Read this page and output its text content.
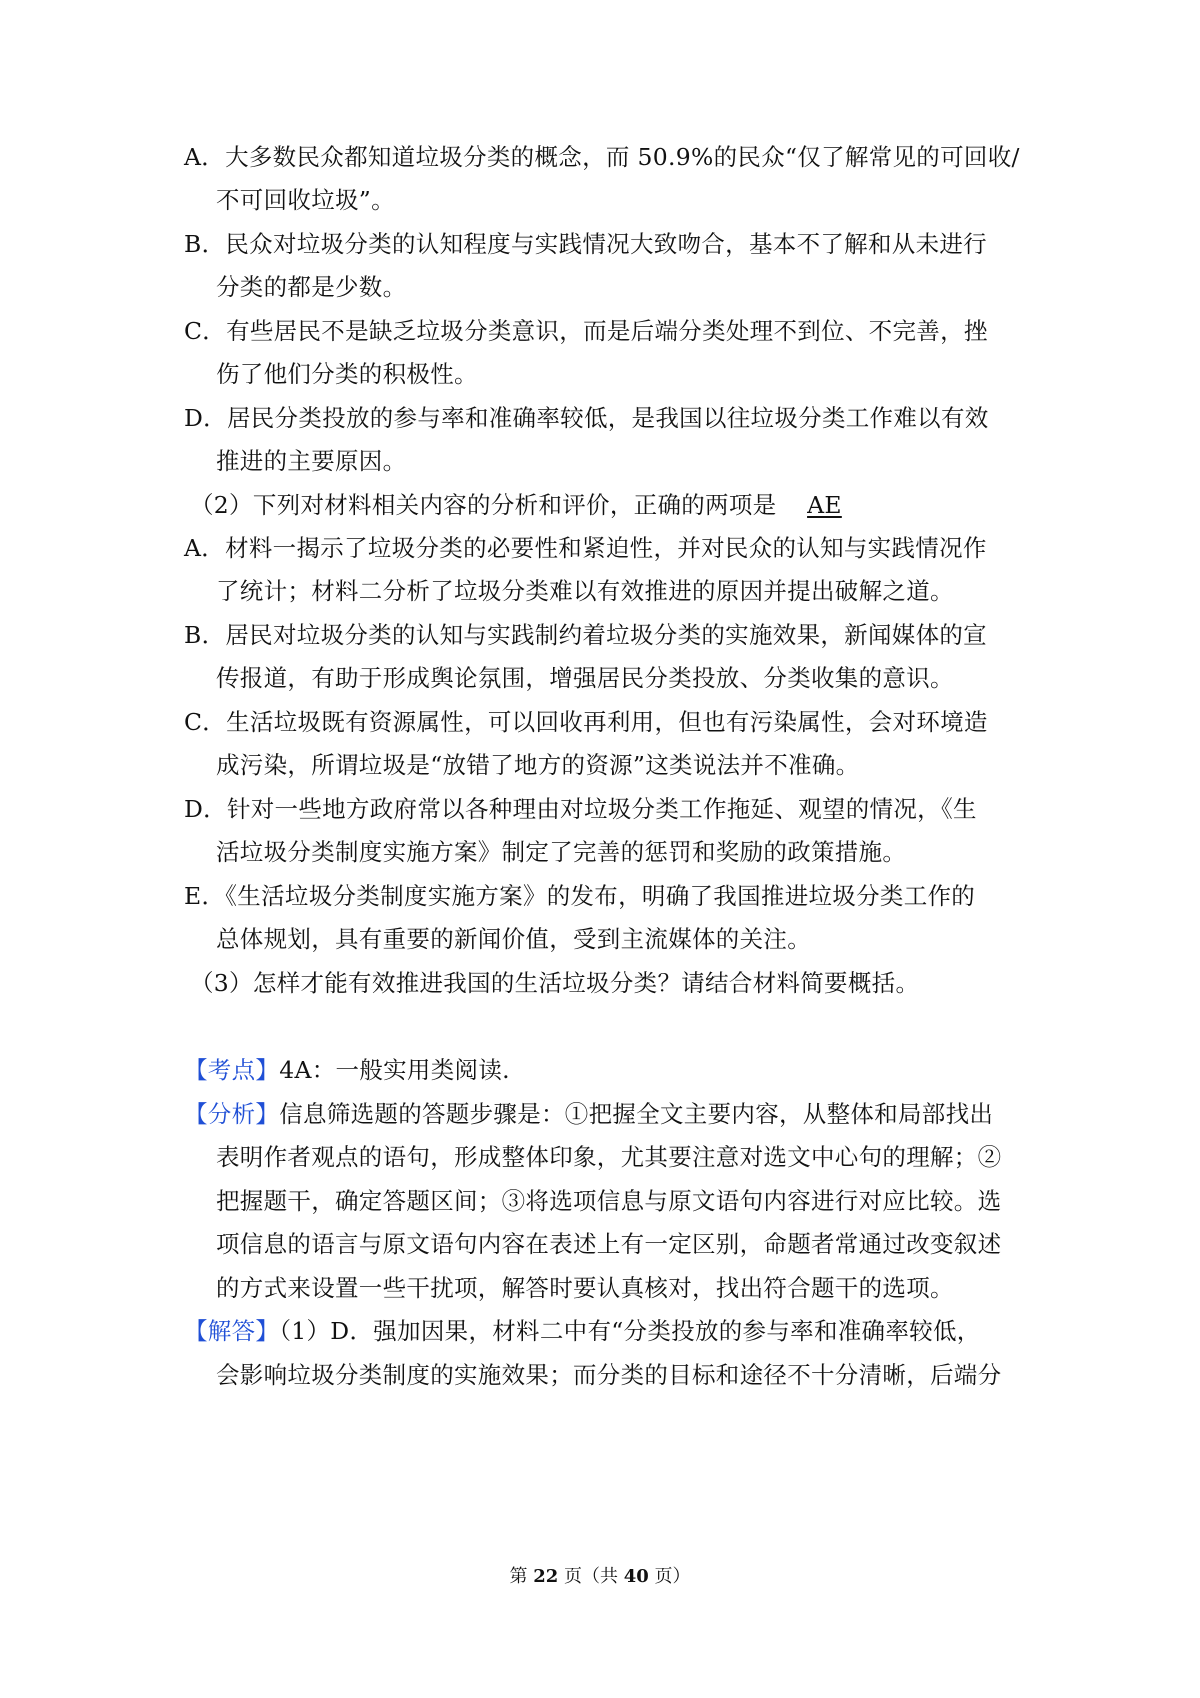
A．大多数民众都知道垃圾分类的概念，而 50.9%的民众“仅了解常见的可回收/
不可回收垃圾”。
B．民众对垃圾分类的认知程度与实践情况大致吻合，基本不了解和从未进行
分类的都是少数。
C．有些居民不是缺乏垃圾分类意识，而是后端分类处理不到位、不完善，挫
伤了他们分类的积极性。
D．居民分类投放的参与率和准确率较低，是我国以往垃圾分类工作难以有效
推进的主要原因。
（2）下列对材料相关内容的分析和评价，正确的两项是 AE
A．材料一揭示了垃圾分类的必要性和紧迫性，并对民众的认知与实践情况作
了统计；材料二分析了垃圾分类难以有效推进的原因并提出破解之道。
B．居民对垃圾分类的认知与实践制约着垃圾分类的实施效果，新闻媒体的宣
传报道，有助于形成舆论氛围，增强居民分类投放、分类收集的意识。
C．生活垃圾既有资源属性，可以回收再利用，但也有污染属性，会对环境造
成污染，所谓垃圾是“放错了地方的资源”这类说法并不准确。
D．针对一些地方政府常以各种理由对垃圾分类工作拖延、观望的情况，《生
活垃圾分类制度实施方案》制定了完善的惩罚和奖励的政策措施。
E．《生活垃圾分类制度实施方案》的发布，明确了我国推进垃圾分类工作的
总体规划，具有重要的新闻价值，受到主流媒体的关注。
（3）怎样才能有效推进我国的生活垃圾分类？请结合材料简要概括。
【考点】4A：一般实用类阅读.
【分析】信息筛选题的答题步骤是：①把握全文主要内容，从整体和局部找出
表明作者观点的语句，形成整体印象，尤其要注意对选文中心句的理解；②
把握题干，确定答题区间；③将选项信息与原文语句内容进行对应比较。选
项信息的语言与原文语句内容在表述上有一定区别，命题者常通过改变叙述
的方式来设置一些干扰项，解答时要认真核对，找出符合题干的选项。
【解答】（1）D．强加因果，材料二中有“分类投放的参与率和准确率较低，
会影响垃圾分类制度的实施效果；而分类的目标和途径不十分清晰，后端分
第 22 页（共 40 页）
